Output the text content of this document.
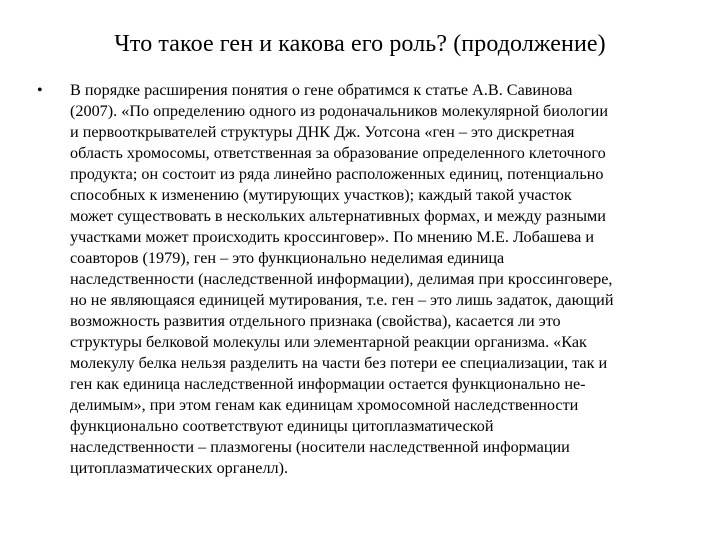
Что такое ген и какова его роль? (продолжение)
• В порядке расширения понятия о гене обратимся к статье А.В. Савинова
(2007). «По определению одного из родоначальников молекулярной биологии
и первооткрывателей структуры ДНК Дж. Уотсона «ген – это дискретная
область хромосомы, ответственная за образование определенного клеточного
продукта; он состоит из ряда линейно расположенных единиц, потенциально
способных к изменению (мутирующих участков); каждый такой участок
может существовать в нескольких альтернативных формах, и между разными
участками может происходить кроссинговер». По мнению М.Е. Лобашева и
соавторов (1979), ген – это функционально неделимая единица
наследственности (наследственной информации), делимая при кроссинговере,
но не являющаяся единицей мутирования, т.е. ген – это лишь задаток, дающий
возможность развития отдельного признака (свойства), касается ли это
структуры белковой молекулы или элементарной реакции организма. «Как
молекулу белка нельзя разделить на части без потери ее специализации, так и
ген как единица наследственной информации остается функционально не-
делимым», при этом генам как единицам хромосомной наследственности
функционально соответствуют единицы цитоплазматической
наследственности – плазмогены (носители наследственной информации
цитоплазматических органелл).
